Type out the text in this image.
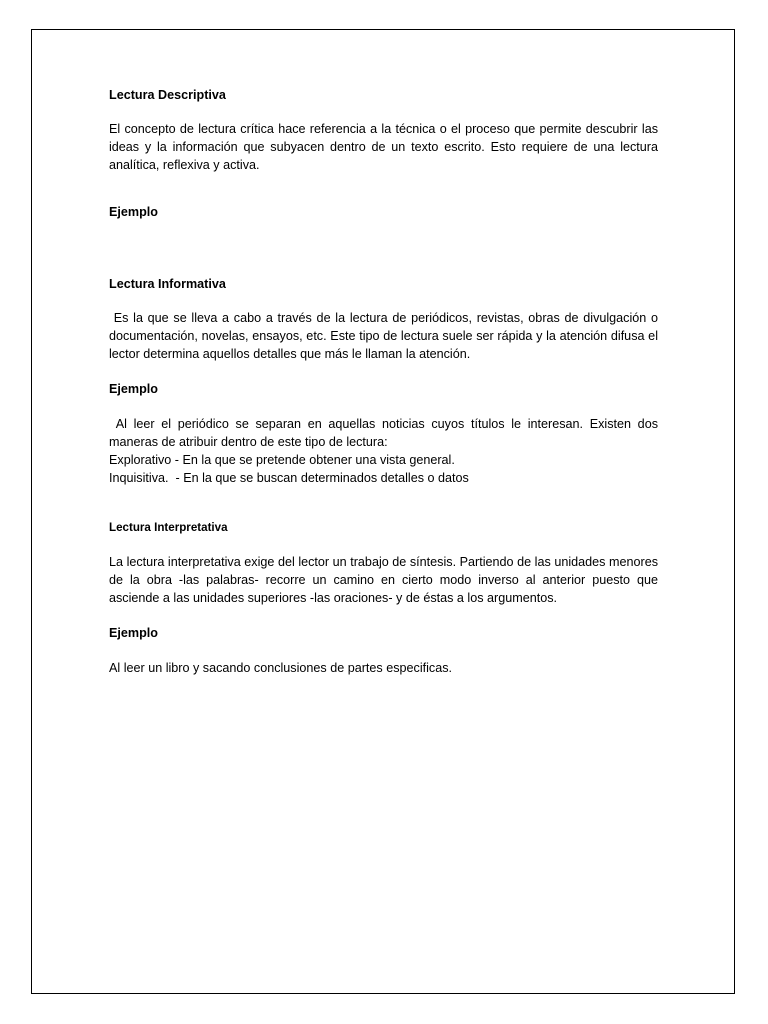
Lectura Descriptiva

El concepto de lectura crítica hace referencia a la técnica o el proceso que permite descubrir las ideas y la información que subyacen dentro de un texto escrito. Esto requiere de una lectura analítica, reflexiva y activa.

Ejemplo

Lectura Informativa

Es la que se lleva a cabo a través de la lectura de periódicos, revistas, obras de divulgación o documentación, novelas, ensayos, etc. Este tipo de lectura suele ser rápida y la atención difusa el lector determina aquellos detalles que más le llaman la atención.

Ejemplo

Al leer el periódico se separan en aquellas noticias cuyos títulos le interesan. Existen dos maneras de atribuir dentro de este tipo de lectura:

Explorativo - En la que se pretende obtener una vista general.

Inquisitiva.  - En la que se buscan determinados detalles o datos

Lectura Interpretativa

La lectura interpretativa exige del lector un trabajo de síntesis. Partiendo de las unidades menores de la obra -las palabras- recorre un camino en cierto modo inverso al anterior puesto que asciende a las unidades superiores -las oraciones- y de éstas a los argumentos.

Ejemplo

Al leer un libro y sacando conclusiones de partes especificas.
